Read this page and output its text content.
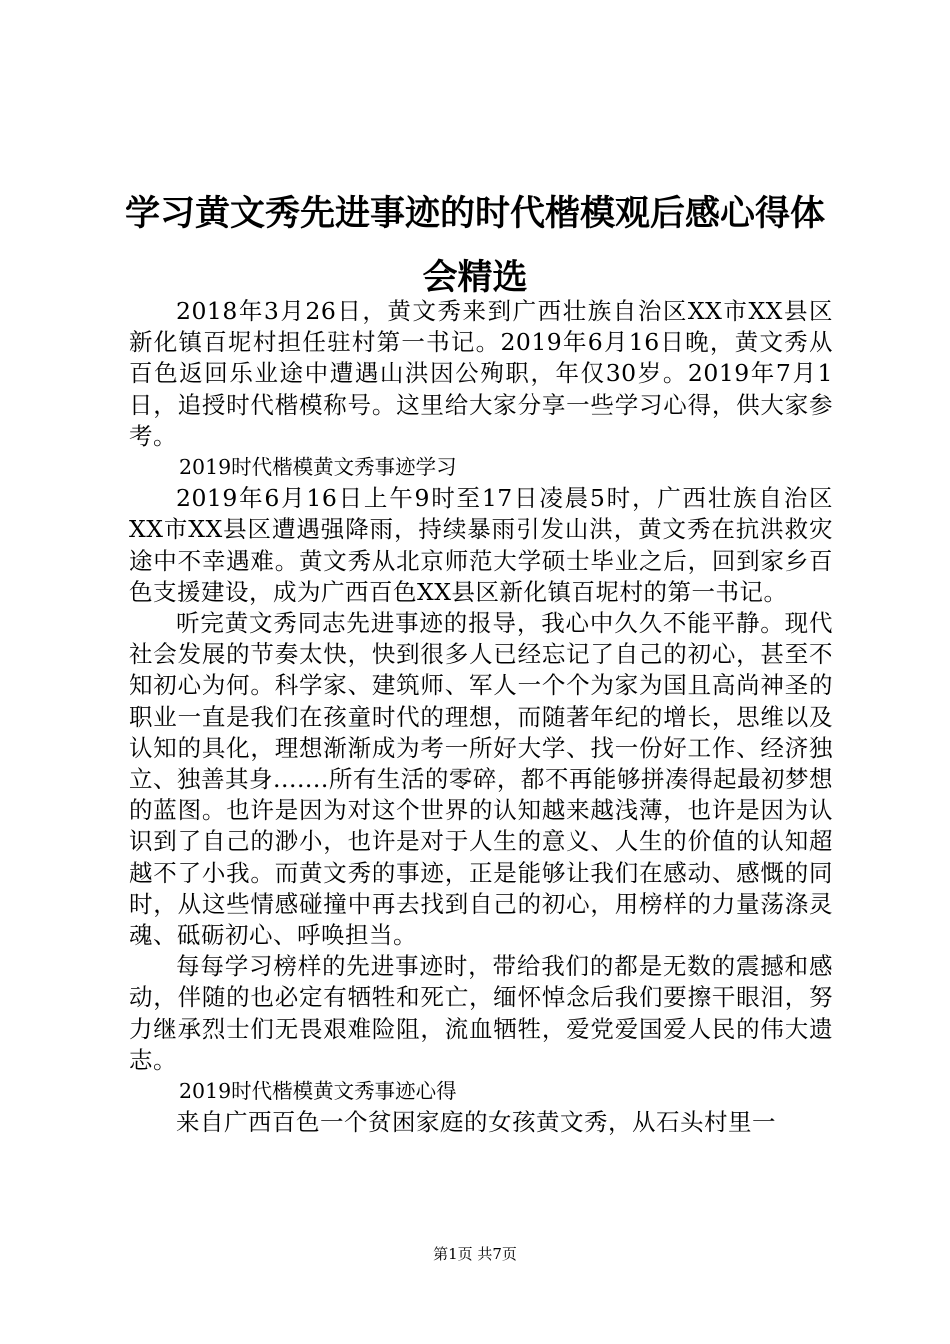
学习黄文秀先进事迹的时代楷模观后感心得体会精选

2018年3月26日，黄文秀来到广西壮族自治区XX市XX县区新化镇百坭村担任驻村第一书记。2019年6月16日晚，黄文秀从百色返回乐业途中遭遇山洪因公殉职，年仅30岁。2019年7月1日，追授时代楷模称号。这里给大家分享一些学习心得，供大家参考。

2019时代楷模黄文秀事迹学习

2019年6月16日上午9时至17日凌晨5时，广西壮族自治区XX市XX县区遭遇强降雨，持续暴雨引发山洪，黄文秀在抗洪救灾途中不幸遇难。黄文秀从北京师范大学硕士毕业之后，回到家乡百色支援建设，成为广西百色XX县区新化镇百坭村的第一书记。

听完黄文秀同志先进事迹的报导，我心中久久不能平静。现代社会发展的节奏太快，快到很多人已经忘记了自己的初心，甚至不知初心为何。科学家、建筑师、军人一个个为家为国且高尚神圣的职业一直是我们在孩童时代的理想，而随著年纪的增长，思维以及认知的具化，理想渐渐成为考一所好大学、找一份好工作、经济独立、独善其身.......所有生活的零碎，都不再能够拼凑得起最初梦想的蓝图。也许是因为对这个世界的认知越来越浅薄，也许是因为认识到了自己的渺小，也许是对于人生的意义、人生的价值的认知超越不了小我。而黄文秀的事迹，正是能够让我们在感动、感慨的同时，从这些情感碰撞中再去找到自己的初心，用榜样的力量荡涤灵魂、砥砺初心、呼唤担当。

每每学习榜样的先进事迹时，带给我们的都是无数的震撼和感动，伴随的也必定有牺牲和死亡，缅怀悼念后我们要擦干眼泪，努力继承烈士们无畏艰难险阻，流血牺牲，爱党爱国爱人民的伟大遗志。

2019时代楷模黄文秀事迹心得

来自广西百色一个贫困家庭的女孩黄文秀，从石头村里一

第1页 共7页
